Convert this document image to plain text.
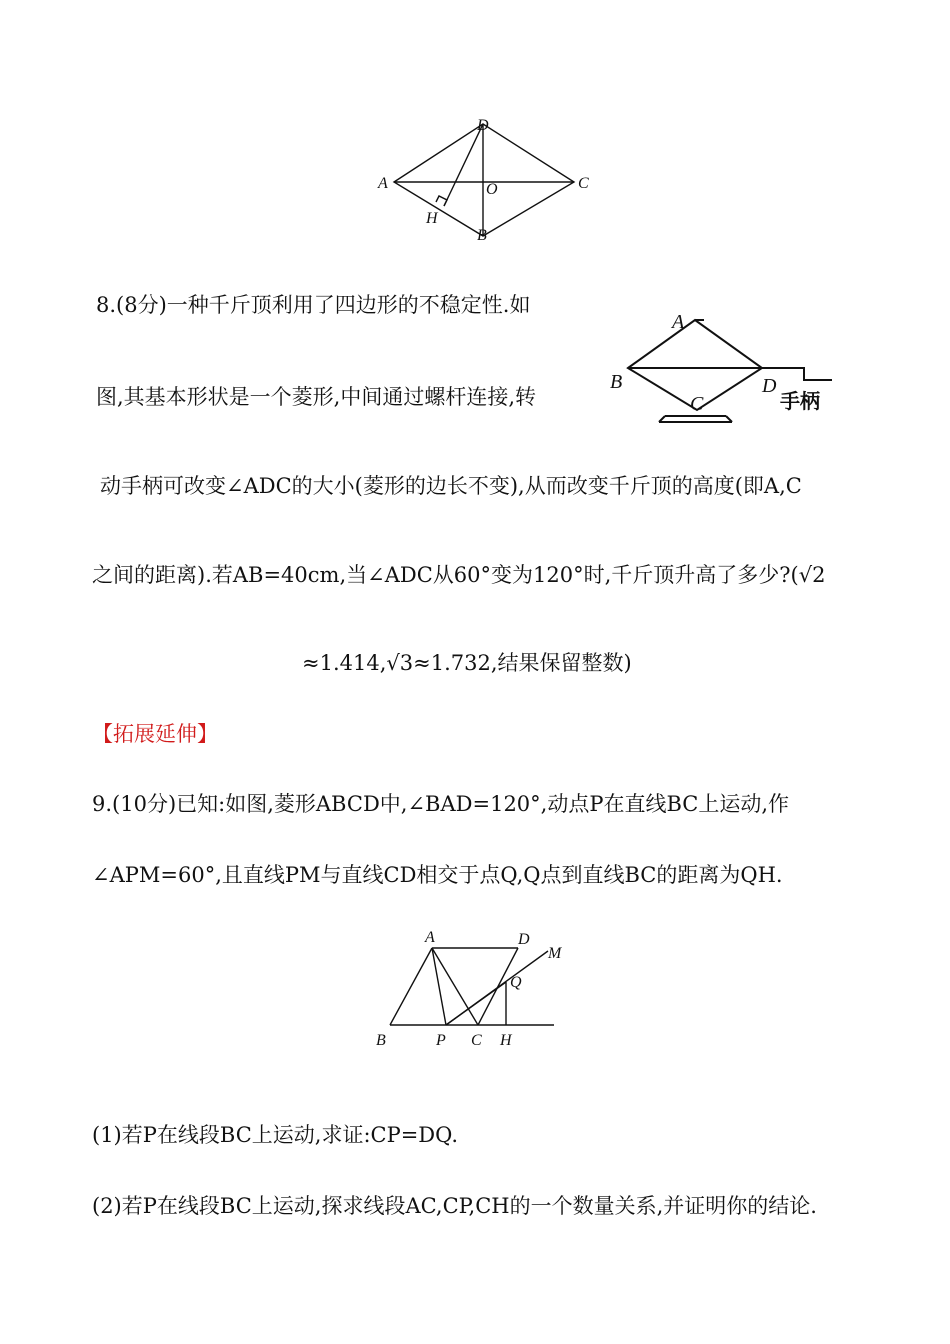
A
D
C
B
O
H
8.(8分)一种千斤顶利用了四边形的不稳定性.如
图,其基本形状是一个菱形,中间通过螺杆连接,转
A
B
C
D
手柄
动手柄可改变∠ADC的大小(菱形的边长不变),从而改变千斤顶的高度(即A,C
之间的距离).若AB=40cm,当∠ADC从60°变为120°时,千斤顶升高了多少?(√2
≈1.414,√3≈1.732,结果保留整数)
【拓展延伸】
9.(10分)已知:如图,菱形ABCD中,∠BAD=120°,动点P在直线BC上运动,作
∠APM=60°,且直线PM与直线CD相交于点Q,Q点到直线BC的距离为QH.
A	D
M
Q
B	P C H
(1)若P在线段BC上运动,求证:CP=DQ.
(2)若P在线段BC上运动,探求线段AC,CP,CH的一个数量关系,并证明你的结论.
